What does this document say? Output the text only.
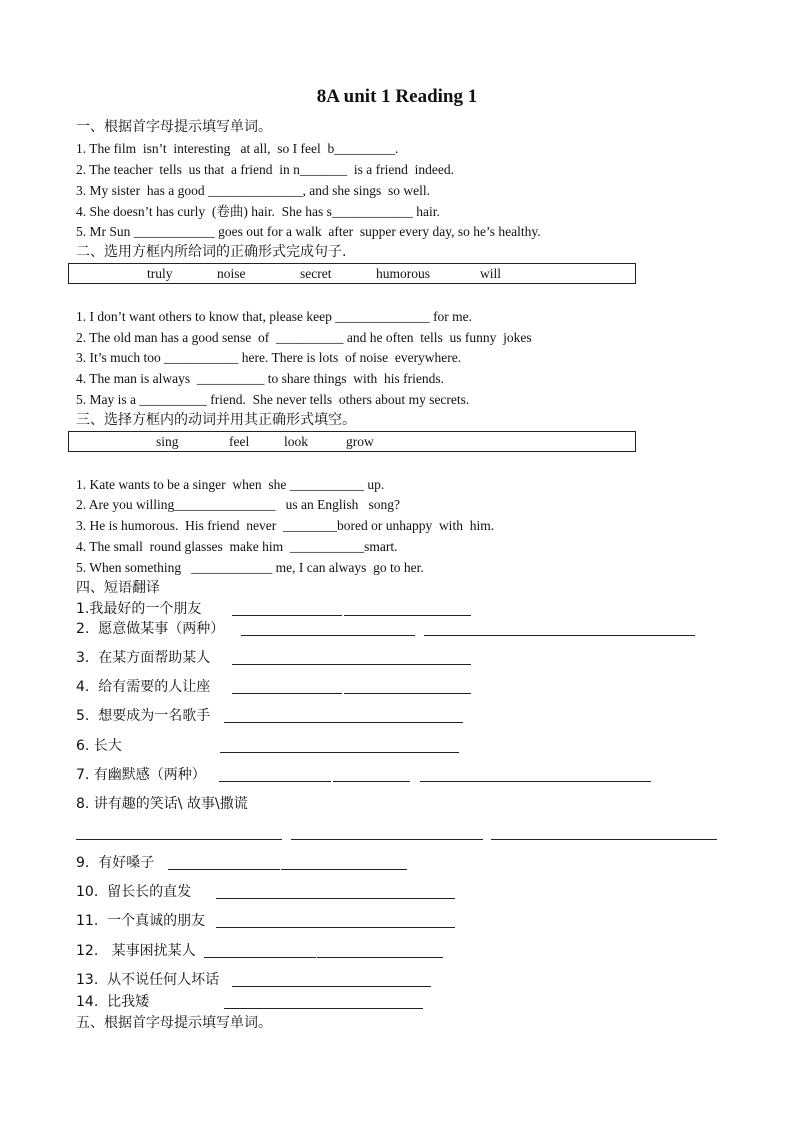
8A unit 1 Reading 1
一、根据首字母提示填写单词。
1. The film  isn’t  interesting   at all,  so I feel  b_________.
2. The teacher  tells  us that  a friend  in n_______  is a friend  indeed.
3. My sister  has a good ______________, and she sings  so well.
4. She doesn’t has curly  (卷曲) hair.  She has s____________ hair.
5. Mr Sun ____________ goes out for a walk  after  supper every day, so he’s healthy.
二、选用方框内所给词的正确形式完成句子.
truly	noise	secret	humorous	will
1. I don’t want others to know that, please keep ______________ for me.
2. The old man has a good sense  of  __________ and he often  tells  us funny  jokes
3. It’s much too ___________ here. There is lots  of noise  everywhere.
4. The man is always  __________ to share things  with  his friends.
5. May is a __________ friend.  She never tells  others about my secrets.
三、选择方框内的动词并用其正确形式填空。
sing	feel	look	grow
1. Kate wants to be a singer  when  she ___________ up.
2. Are you willing_______________   us an English   song?
3. He is humorous.  His friend  never  ________bored or unhappy  with  him.
4. The small  round glasses  make him  ___________smart.
5. When something   ____________ me, I can always  go to her.
四、短语翻译
1.我最好的一个朋友
2.  愿意做某事（两种）
3.  在某方面帮助某人
4.  给有需要的人让座
5.  想要成为一名歌手
6. 长大
7. 有幽默感（两种）
8. 讲有趣的笑话\ 故事\撒谎
9.  有好嗓子
10.  留长长的直发
11.  一个真诚的朋友
12.   某事困扰某人
13.  从不说任何人坏话
14.  比我矮
五、根据首字母提示填写单词。
